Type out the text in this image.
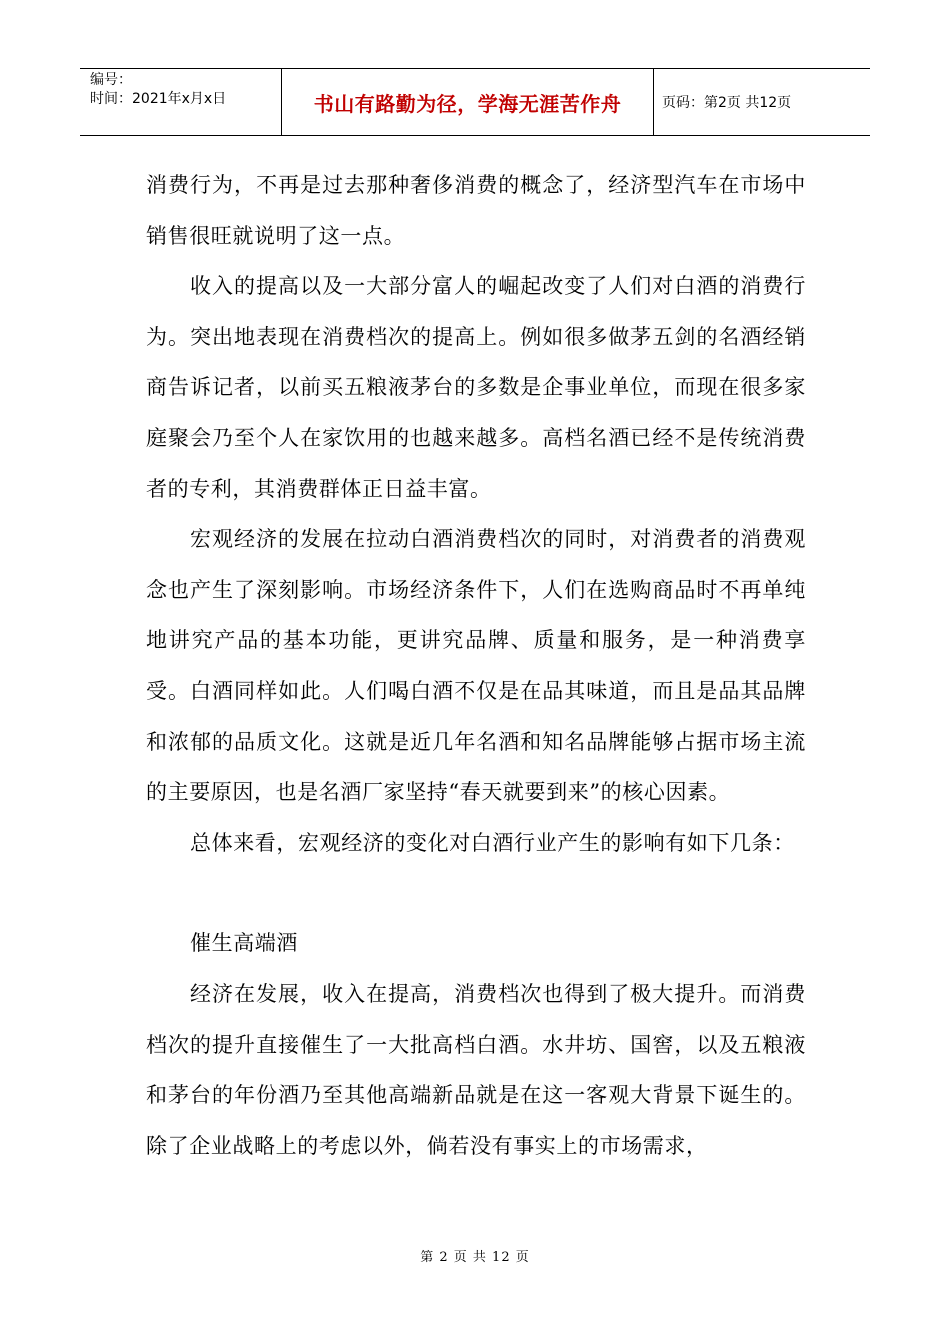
编号：
时间：2021年x月x日	书山有路勤为径，学海无涯苦作舟	页码：第2页 共12页

消费行为，不再是过去那种奢侈消费的概念了，经济型汽车在市场中销售很旺就说明了这一点。

收入的提高以及一大部分富人的崛起改变了人们对白酒的消费行为。突出地表现在消费档次的提高上。例如很多做茅五剑的名酒经销商告诉记者，以前买五粮液茅台的多数是企事业单位，而现在很多家庭聚会乃至个人在家饮用的也越来越多。高档名酒已经不是传统消费者的专利，其消费群体正日益丰富。

宏观经济的发展在拉动白酒消费档次的同时，对消费者的消费观念也产生了深刻影响。市场经济条件下，人们在选购商品时不再单纯地讲究产品的基本功能，更讲究品牌、质量和服务，是一种消费享受。白酒同样如此。人们喝白酒不仅是在品其味道，而且是品其品牌和浓郁的品质文化。这就是近几年名酒和知名品牌能够占据市场主流的主要原因，也是名酒厂家坚持“春天就要到来”的核心因素。

总体来看，宏观经济的变化对白酒行业产生的影响有如下几条：

催生高端酒

经济在发展，收入在提高，消费档次也得到了极大提升。而消费档次的提升直接催生了一大批高档白酒。水井坊、国窖，以及五粮液和茅台的年份酒乃至其他高端新品就是在这一客观大背景下诞生的。除了企业战略上的考虑以外，倘若没有事实上的市场需求，

第 2 页 共 12 页
